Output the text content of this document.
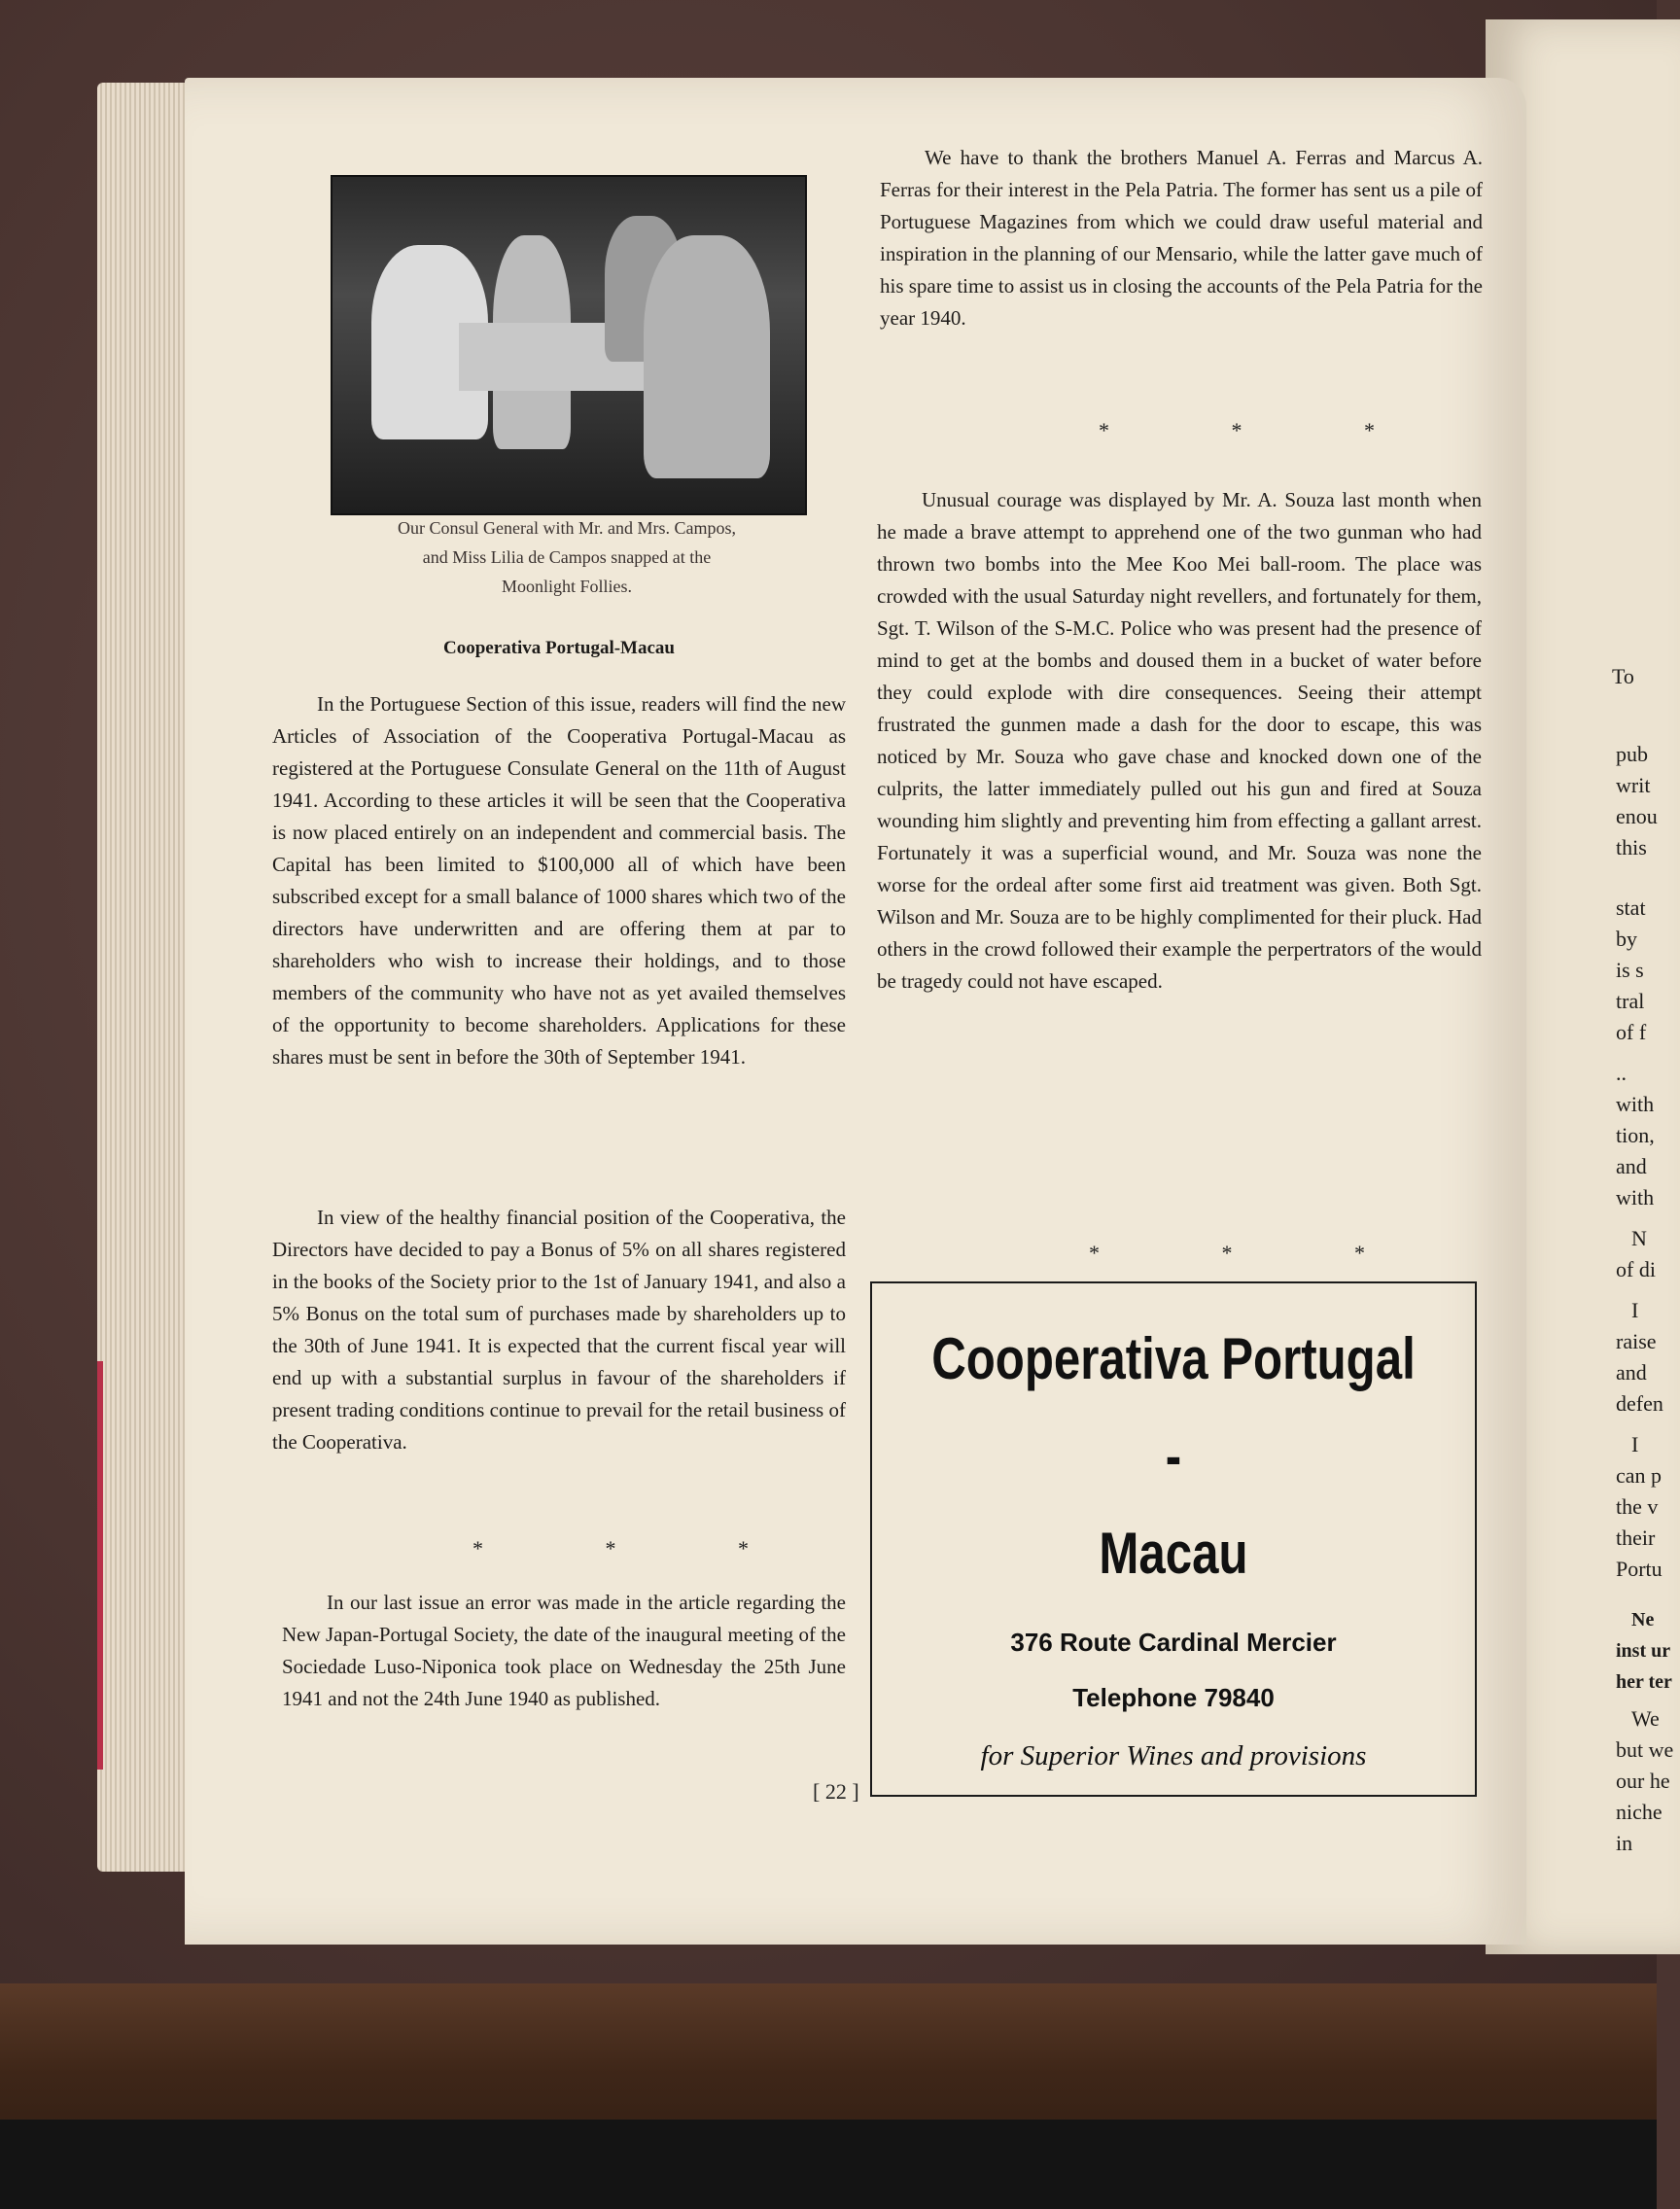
To
pub
writ
enou
this
stat
by
is s
tral
of f
..
with
tion,
and
with
N
of di
I
raise
and
defen
I
can p
the v
their
Portu
Ne
inst ur
her ter
We
but we
our he
niche in
Our Consul General with Mr. and Mrs. Campos,
and Miss Lilia de Campos snapped at the
Moonlight Follies.
Cooperativa Portugal-Macau

In the Portuguese Section of this issue, readers will find the new Articles of Association of the Cooperativa Portugal-Macau as registered at the Portuguese Consulate General on the 11th of August 1941. According to these articles it will be seen that the Cooperativa is now placed entirely on an independent and commercial basis. The Capital has been limited to $100,000 all of which have been subscribed except for a small balance of 1000 shares which two of the directors have underwritten and are offering them at par to shareholders who wish to increase their holdings, and to those members of the community who have not as yet availed themselves of the opportunity to become shareholders. Applications for these shares must be sent in before the 30th of September 1941.

In view of the healthy financial position of the Cooperativa, the Directors have decided to pay a Bonus of 5% on all shares registered in the books of the Society prior to the 1st of January 1941, and also a 5% Bonus on the total sum of purchases made by shareholders up to the 30th of June 1941. It is expected that the current fiscal year will end up with a substantial surplus in favour of the shareholders if present trading conditions continue to prevail for the retail business of the Cooperativa.

* * *

In our last issue an error was made in the article regarding the New Japan-Portugal Society, the date of the inaugural meeting of the Sociedade Luso-Niponica took place on Wednesday the 25th June 1941 and not the 24th June 1940 as published.

We have to thank the brothers Manuel A. Ferras and Marcus A. Ferras for their interest in the Pela Patria. The former has sent us a pile of Portuguese Magazines from which we could draw useful material and inspiration in the planning of our Mensario, while the latter gave much of his spare time to assist us in closing the accounts of the Pela Patria for the year 1940.

* * *

Unusual courage was displayed by Mr. A. Souza last month when he made a brave attempt to apprehend one of the two gunman who had thrown two bombs into the Mee Koo Mei ball-room. The place was crowded with the usual Saturday night revellers, and fortunately for them, Sgt. T. Wilson of the S-M.C. Police who was present had the presence of mind to get at the bombs and doused them in a bucket of water before they could explode with dire consequences. Seeing their attempt frustrated the gunmen made a dash for the door to escape, this was noticed by Mr. Souza who gave chase and knocked down one of the culprits, the latter immediately pulled out his gun and fired at Souza wounding him slightly and preventing him from effecting a gallant arrest. Fortunately it was a superficial wound, and Mr. Souza was none the worse for the ordeal after some first aid treatment was given. Both Sgt. Wilson and Mr. Souza are to be highly complimented for their pluck. Had others in the crowd followed their example the perpertrators of the would be tragedy could not have escaped.

* * *
Cooperativa Portugal -
Macau
376 Route Cardinal Mercier
Telephone 79840
for Superior Wines and provisions
[ 22 ]
